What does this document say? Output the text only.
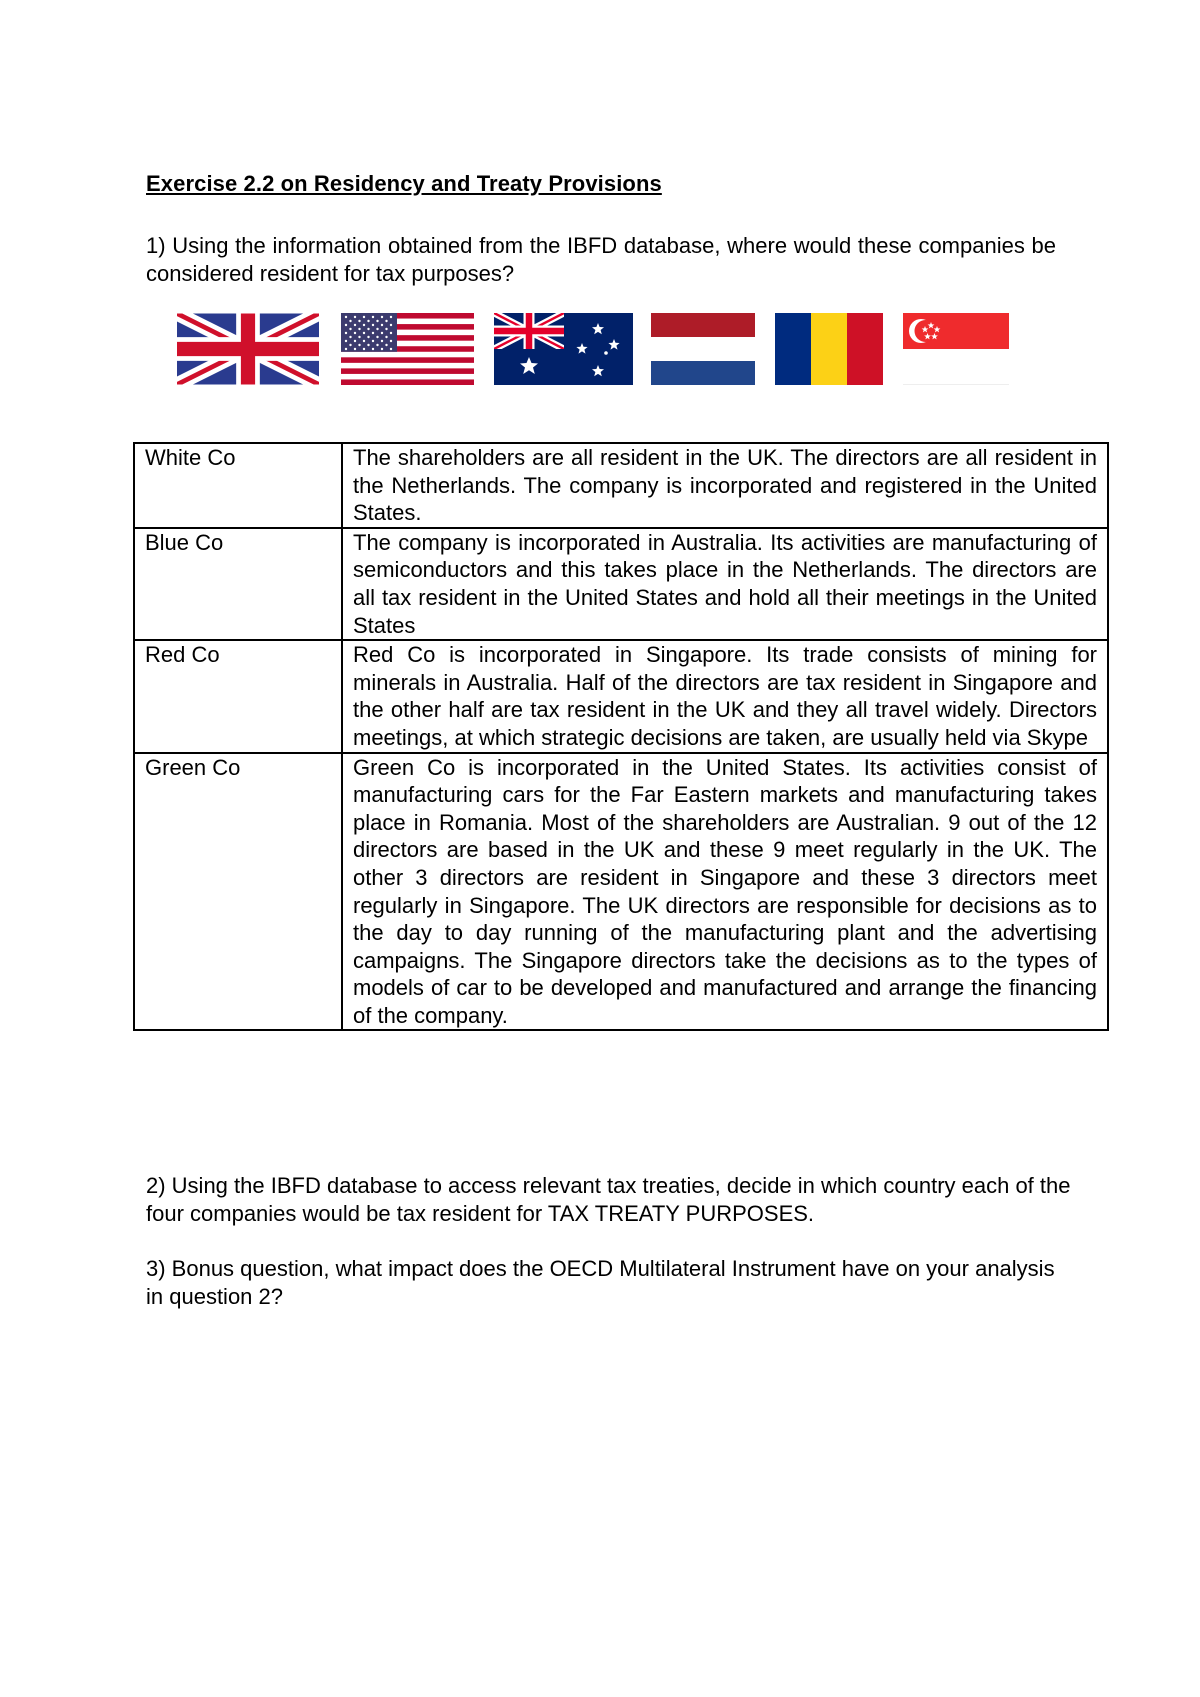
Exercise 2.2 on Residency and Treaty Provisions
1) Using the information obtained from the IBFD database, where would these companies be considered resident for tax purposes?
White Co	The shareholders are all resident in the UK. The directors are all resident in the Netherlands. The company is incorporated and registered in the United States.
Blue Co	The company is incorporated in Australia. Its activities are manufacturing of semiconductors and this takes place in the Netherlands. The directors are all tax resident in the United States and hold all their meetings in the United States
Red Co	Red Co is incorporated in Singapore. Its trade consists of mining for minerals in Australia. Half of the directors are tax resident in Singapore and the other half are tax resident in the UK and they all travel widely. Directors meetings, at which strategic decisions are taken, are usually held via Skype
Green Co	Green Co is incorporated in the United States. Its activities consist of manufacturing cars for the Far Eastern markets and manufacturing takes place in Romania. Most of the shareholders are Australian. 9 out of the 12 directors are based in the UK and these 9 meet regularly in the UK. The other 3 directors are resident in Singapore and these 3 directors meet regularly in Singapore. The UK directors are responsible for decisions as to the day to day running of the manufacturing plant and the advertising campaigns. The Singapore directors take the decisions as to the types of models of car to be developed and manufactured and arrange the financing of the company.
2) Using the IBFD database to access relevant tax treaties, decide in which country each of the four companies would be tax resident for TAX TREATY PURPOSES.
3) Bonus question, what impact does the OECD Multilateral Instrument have on your analysis in question 2?
